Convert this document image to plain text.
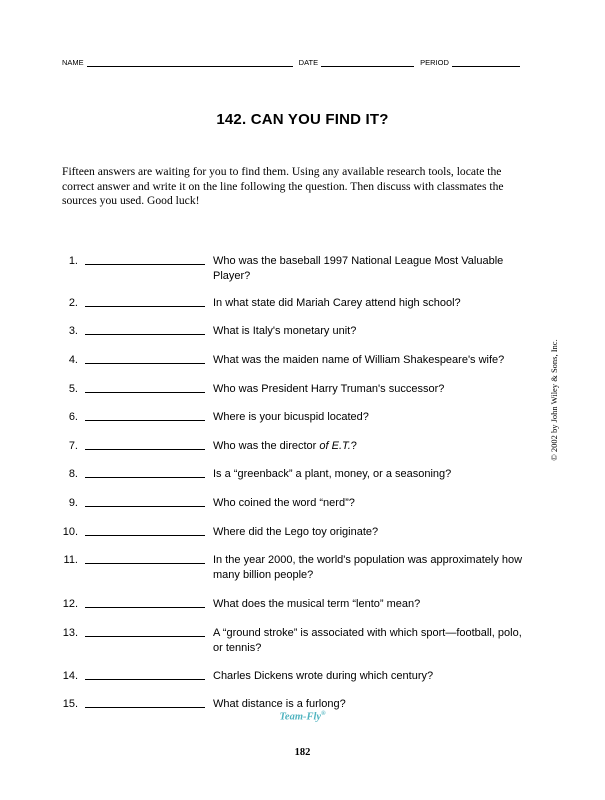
NAME	DATE	PERIOD
142. CAN YOU FIND IT?
Fifteen answers are waiting for you to find them. Using any available research tools, locate the correct answer and write it on the line following the question. Then discuss with classmates the sources you used. Good luck!
1.	Who was the baseball 1997 National League Most Valuable Player?
2.	In what state did Mariah Carey attend high school?
3.	What is Italy's monetary unit?
4.	What was the maiden name of William Shakespeare's wife?
5.	Who was President Harry Truman's successor?
6.	Where is your bicuspid located?
7.	Who was the director of E.T.?
8.	Is a “greenback” a plant, money, or a seasoning?
9.	Who coined the word “nerd”?
10.	Where did the Lego toy originate?
11.	In the year 2000, the world's population was approximately how many billion people?
12.	What does the musical term “lento” mean?
13.	A “ground stroke” is associated with which sport—football, polo, or tennis?
14.	Charles Dickens wrote during which century?
15.	What distance is a furlong?
© 2002 by John Wiley & Sons, Inc.
Team-Fly®
182
